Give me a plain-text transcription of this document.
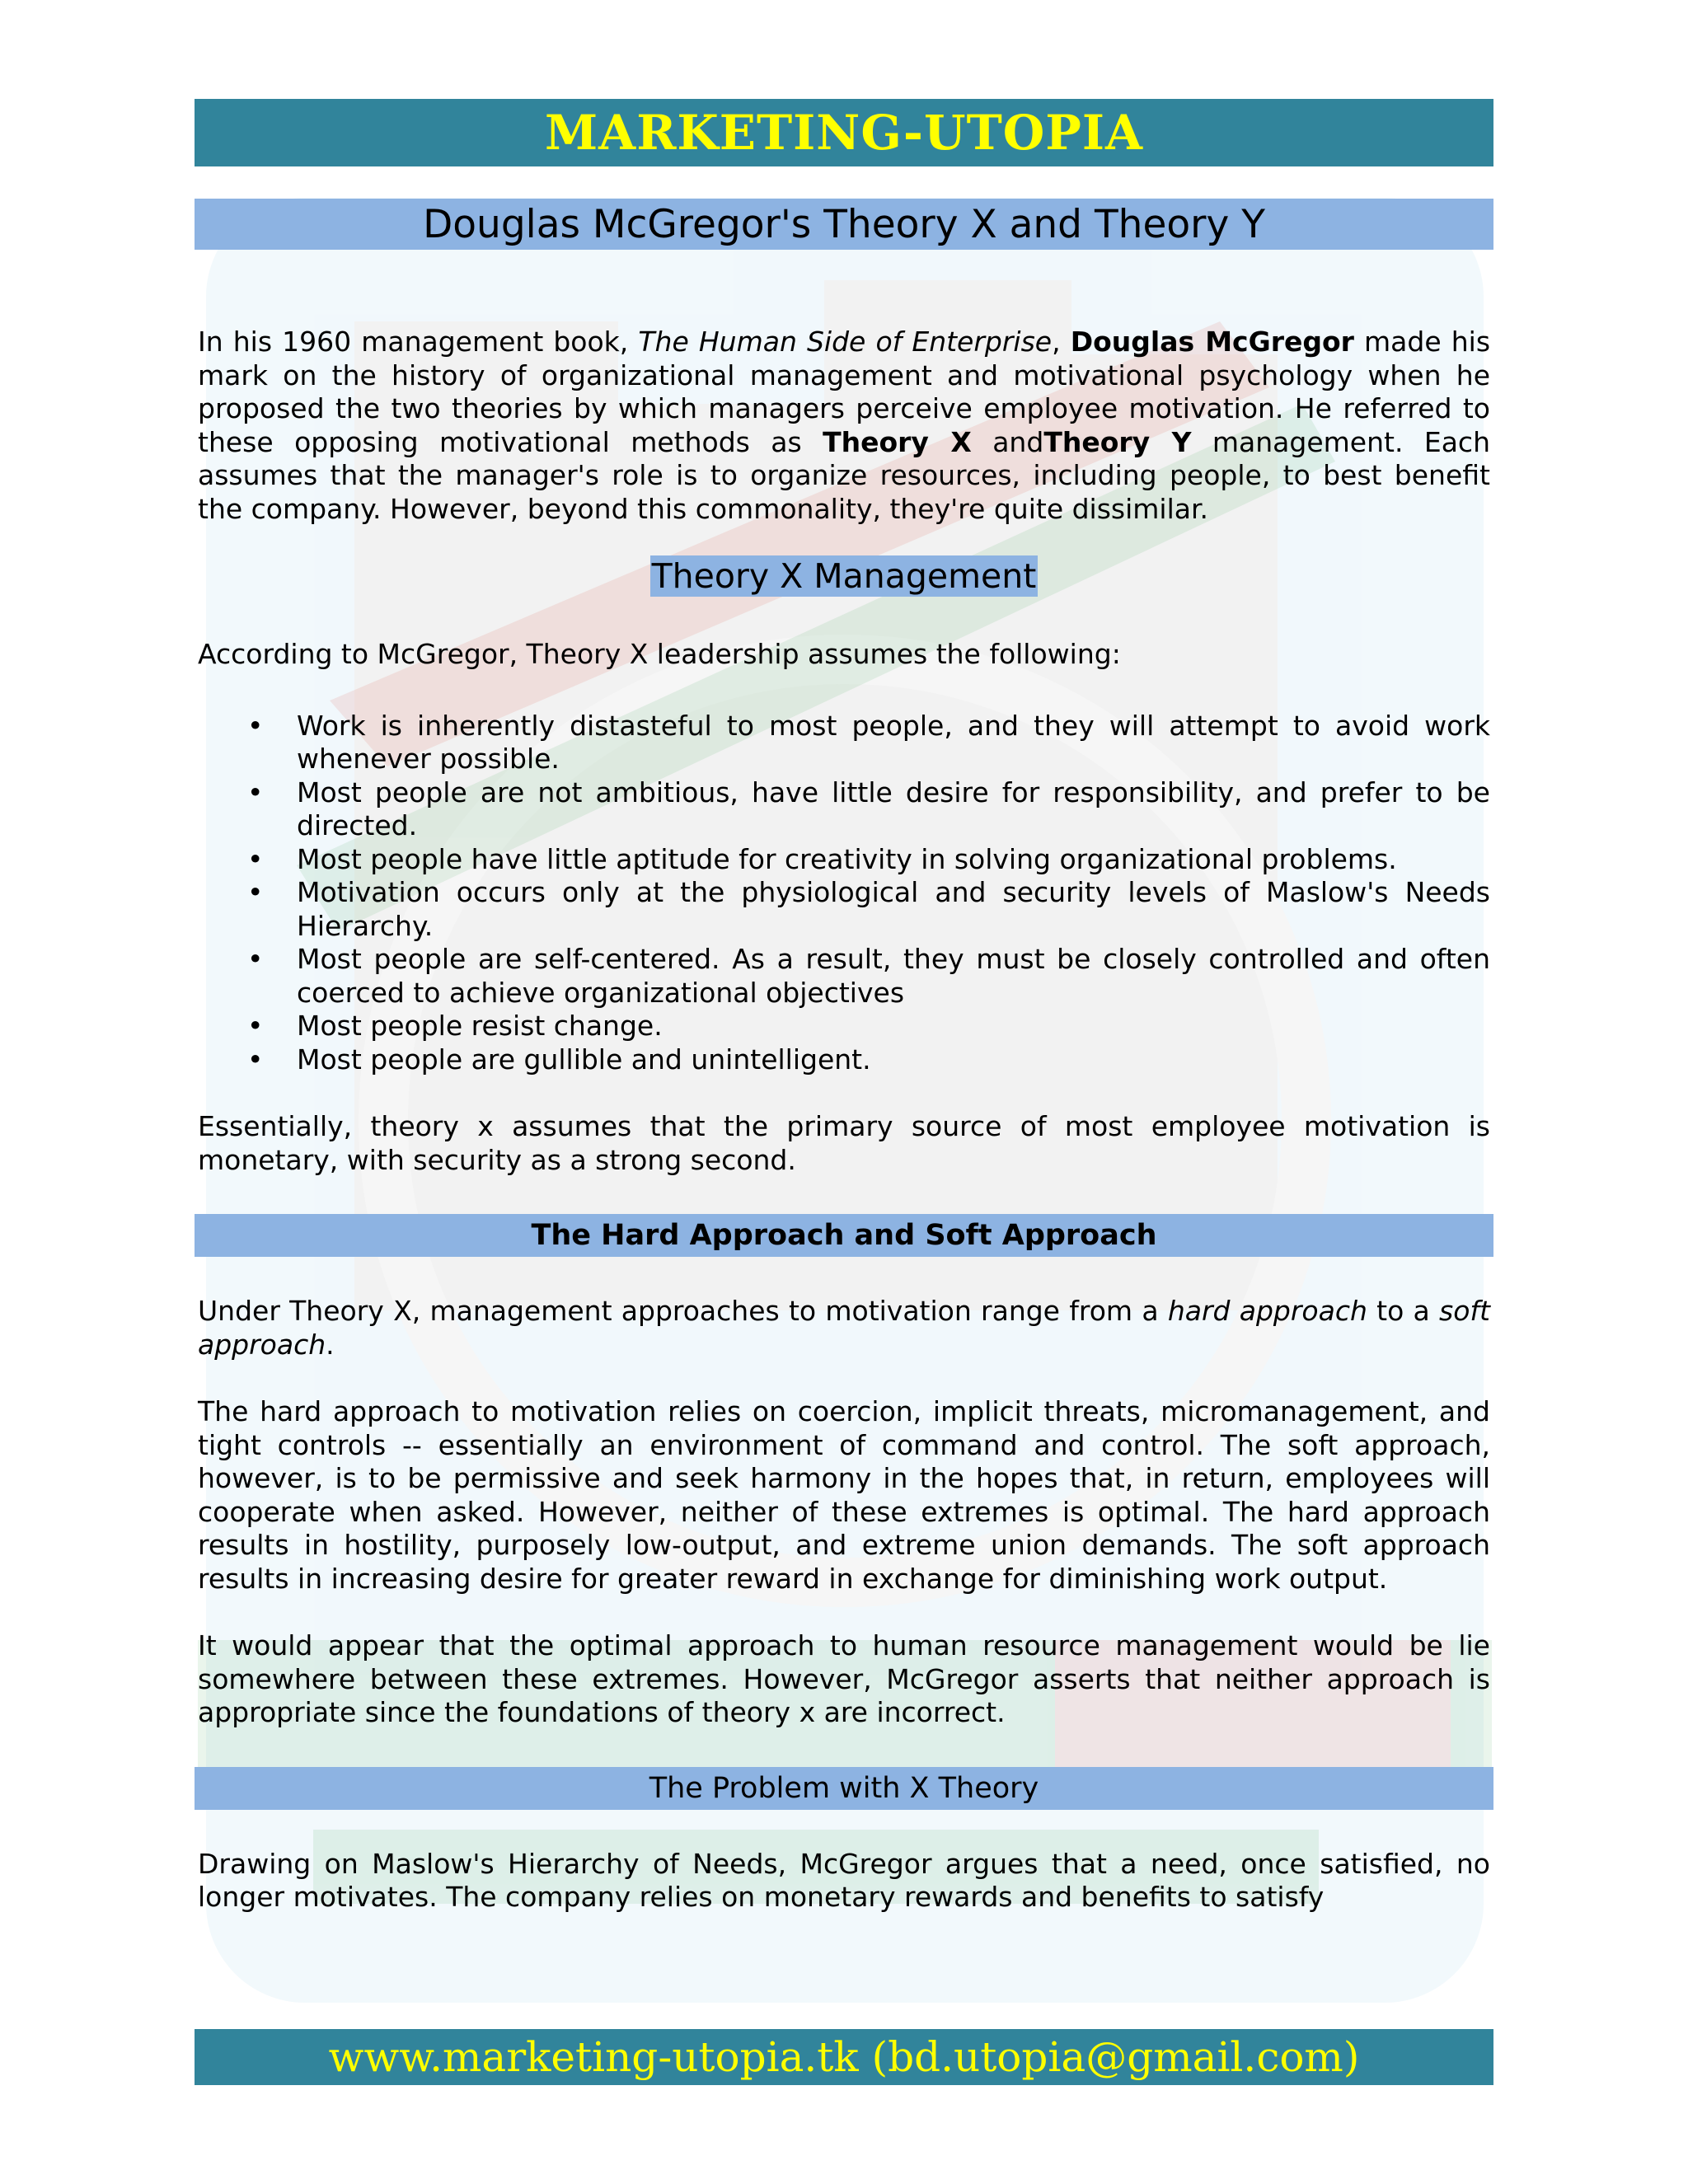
MARKETING-UTOPIA
Douglas McGregor's Theory X and Theory Y

In his 1960 management book, The Human Side of Enterprise, Douglas McGregor made his mark on the history of organizational management and motivational psychology when he proposed the two theories by which managers perceive employee motivation. He referred to these opposing motivational methods as Theory X andTheory Y management. Each assumes that the manager's role is to organize resources, including people, to best benefit the company. However, beyond this commonality, they're quite dissimilar.

Theory X Management

According to McGregor, Theory X leadership assumes the following:

• Work is inherently distasteful to most people, and they will attempt to avoid work whenever possible.
• Most people are not ambitious, have little desire for responsibility, and prefer to be directed.
• Most people have little aptitude for creativity in solving organizational problems.
• Motivation occurs only at the physiological and security levels of Maslow's Needs Hierarchy.
• Most people are self-centered. As a result, they must be closely controlled and often coerced to achieve organizational objectives
• Most people resist change.
• Most people are gullible and unintelligent.

Essentially, theory x assumes that the primary source of most employee motivation is monetary, with security as a strong second.

The Hard Approach and Soft Approach

Under Theory X, management approaches to motivation range from a hard approach to a soft approach.

The hard approach to motivation relies on coercion, implicit threats, micromanagement, and tight controls -- essentially an environment of command and control. The soft approach, however, is to be permissive and seek harmony in the hopes that, in return, employees will cooperate when asked. However, neither of these extremes is optimal. The hard approach results in hostility, purposely low-output, and extreme union demands. The soft approach results in increasing desire for greater reward in exchange for diminishing work output.

It would appear that the optimal approach to human resource management would be lie somewhere between these extremes. However, McGregor asserts that neither approach is appropriate since the foundations of theory x are incorrect.

The Problem with X Theory

Drawing on Maslow's Hierarchy of Needs, McGregor argues that a need, once satisfied, no longer motivates. The company relies on monetary rewards and benefits to satisfy

www.marketing-utopia.tk (bd.utopia@gmail.com)
